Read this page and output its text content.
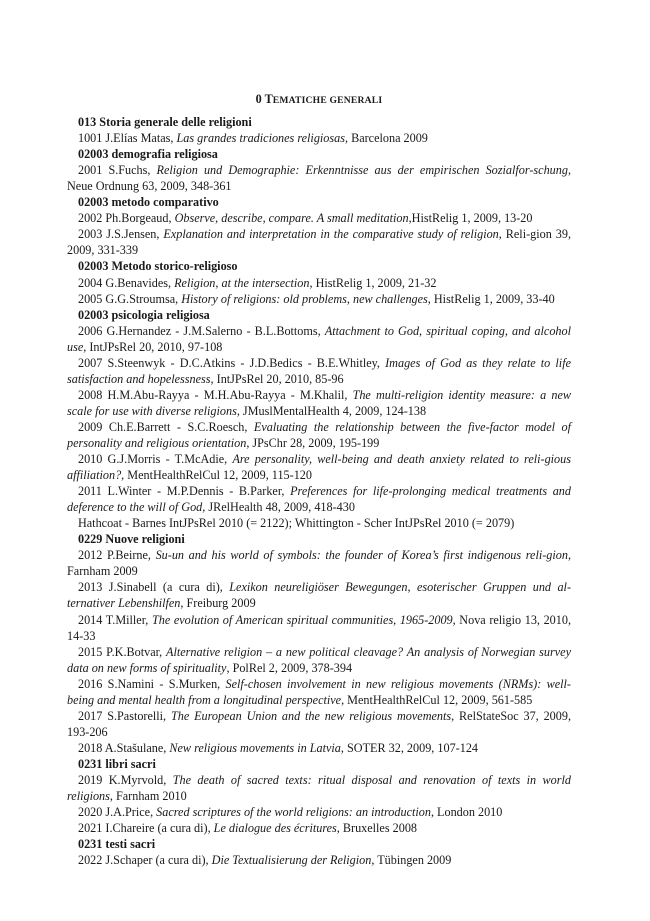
0 TEMATICHE GENERALI
013 Storia generale delle religioni
1001 J.Elías Matas, Las grandes tradiciones religiosas, Barcelona 2009
02003 demografia religiosa
2001 S.Fuchs, Religion und Demographie: Erkenntnisse aus der empirischen Sozialfor-schung, Neue Ordnung 63, 2009, 348-361
02003 metodo comparativo
2002 Ph.Borgeaud, Observe, describe, compare. A small meditation,HistRelig 1, 2009, 13-20
2003 J.S.Jensen, Explanation and interpretation in the comparative study of religion, Reli-gion 39, 2009, 331-339
02003 Metodo storico-religioso
2004 G.Benavides, Religion, at the intersection, HistRelig 1, 2009, 21-32
2005 G.G.Stroumsa, History of religions: old problems, new challenges, HistRelig 1, 2009, 33-40
02003 psicologia religiosa
2006 G.Hernandez - J.M.Salerno - B.L.Bottoms, Attachment to God, spiritual coping, and alcohol use, IntJPsRel 20, 2010, 97-108
2007 S.Steenwyk - D.C.Atkins - J.D.Bedics - B.E.Whitley, Images of God as they relate to life satisfaction and hopelessness, IntJPsRel 20, 2010, 85-96
2008 H.M.Abu-Rayya - M.H.Abu-Rayya - M.Khalil, The multi-religion identity measure: a new scale for use with diverse religions, JMuslMentalHealth 4, 2009, 124-138
2009 Ch.E.Barrett - S.C.Roesch, Evaluating the relationship between the five-factor model of personality and religious orientation, JPsChr 28, 2009, 195-199
2010 G.J.Morris - T.McAdie, Are personality, well-being and death anxiety related to reli-gious affiliation?, MentHealthRelCul 12, 2009, 115-120
2011 L.Winter - M.P.Dennis - B.Parker, Preferences for life-prolonging medical treatments and deference to the will of God, JRelHealth 48, 2009, 418-430
Hathcoat - Barnes IntJPsRel 2010 (= 2122); Whittington - Scher IntJPsRel 2010 (= 2079)
0229 Nuove religioni
2012 P.Beirne, Su-un and his world of symbols: the founder of Korea’s first indigenous reli-gion, Farnham 2009
2013 J.Sinabell (a cura di), Lexikon neureligiöser Bewegungen, esoterischer Gruppen und al-ternativer Lebenshilfen, Freiburg 2009
2014 T.Miller, The evolution of American spiritual communities, 1965-2009, Nova religio 13, 2010, 14-33
2015 P.K.Botvar, Alternative religion – a new political cleavage? An analysis of Norwegian survey data on new forms of spirituality, PolRel 2, 2009, 378-394
2016 S.Namini - S.Murken, Self-chosen involvement in new religious movements (NRMs): well-being and mental health from a longitudinal perspective, MentHealthRelCul 12, 2009, 561-585
2017 S.Pastorelli, The European Union and the new religious movements, RelStateSoc 37, 2009, 193-206
2018 A.Stašulane, New religious movements in Latvia, SOTER 32, 2009, 107-124
0231 libri sacri
2019 K.Myrvold, The death of sacred texts: ritual disposal and renovation of texts in world religions, Farnham 2010
2020 J.A.Price, Sacred scriptures of the world religions: an introduction, London 2010
2021 I.Chareire (a cura di), Le dialogue des écritures, Bruxelles 2008
0231 testi sacri
2022 J.Schaper (a cura di), Die Textualisierung der Religion, Tübingen 2009
